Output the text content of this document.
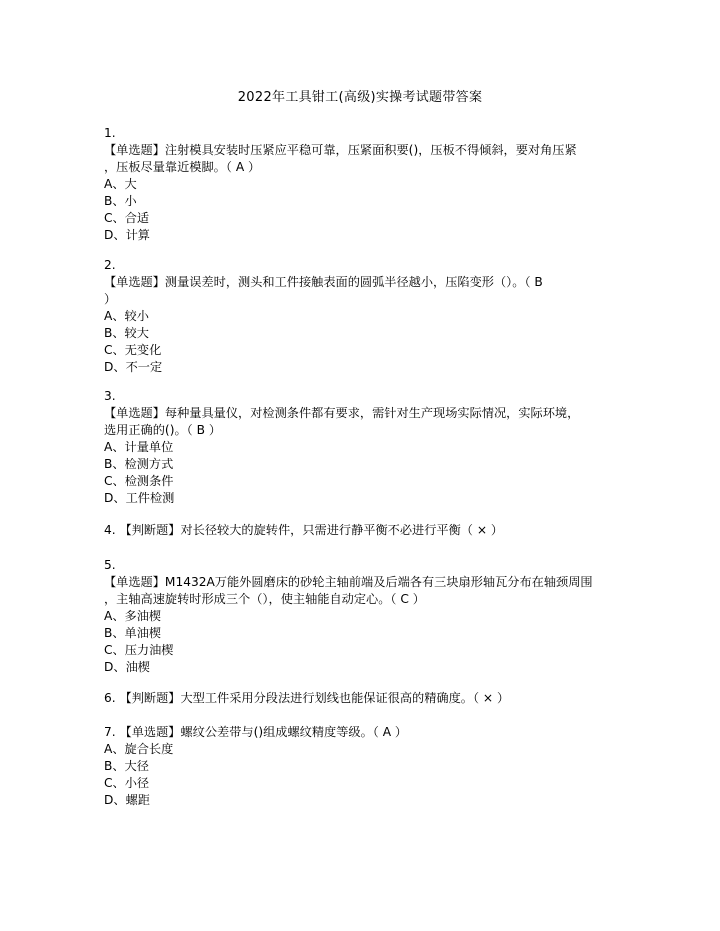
2022年工具钳工(高级)实操考试题带答案
1.
【单选题】注射模具安装时压紧应平稳可靠，压紧面积要()，压板不得倾斜，要对角压紧
，压板尽量靠近模脚。（ A ）
A、大
B、小
C、合适
D、计算
2.
【单选题】测量误差时，测头和工件接触表面的圆弧半径越小，压陷变形（）。（ B
）
A、较小
B、较大
C、无变化
D、不一定
3.
【单选题】每种量具量仪，对检测条件都有要求，需针对生产现场实际情况，实际环境，
选用正确的()。（ B ）
A、计量单位
B、检测方式
C、检测条件
D、工件检测
4. 【判断题】对长径较大的旋转件，只需进行静平衡不必进行平衡（ × ）
5.
【单选题】M1432A万能外圆磨床的砂轮主轴前端及后端各有三块扇形轴瓦分布在轴颈周围
，主轴高速旋转时形成三个（），使主轴能自动定心。（ C ）
A、多油楔
B、单油楔
C、压力油楔
D、油楔
6. 【判断题】大型工件采用分段法进行划线也能保证很高的精确度。（ × ）
7. 【单选题】螺纹公差带与()组成螺纹精度等级。（ A ）
A、旋合长度
B、大径
C、小径
D、螺距
